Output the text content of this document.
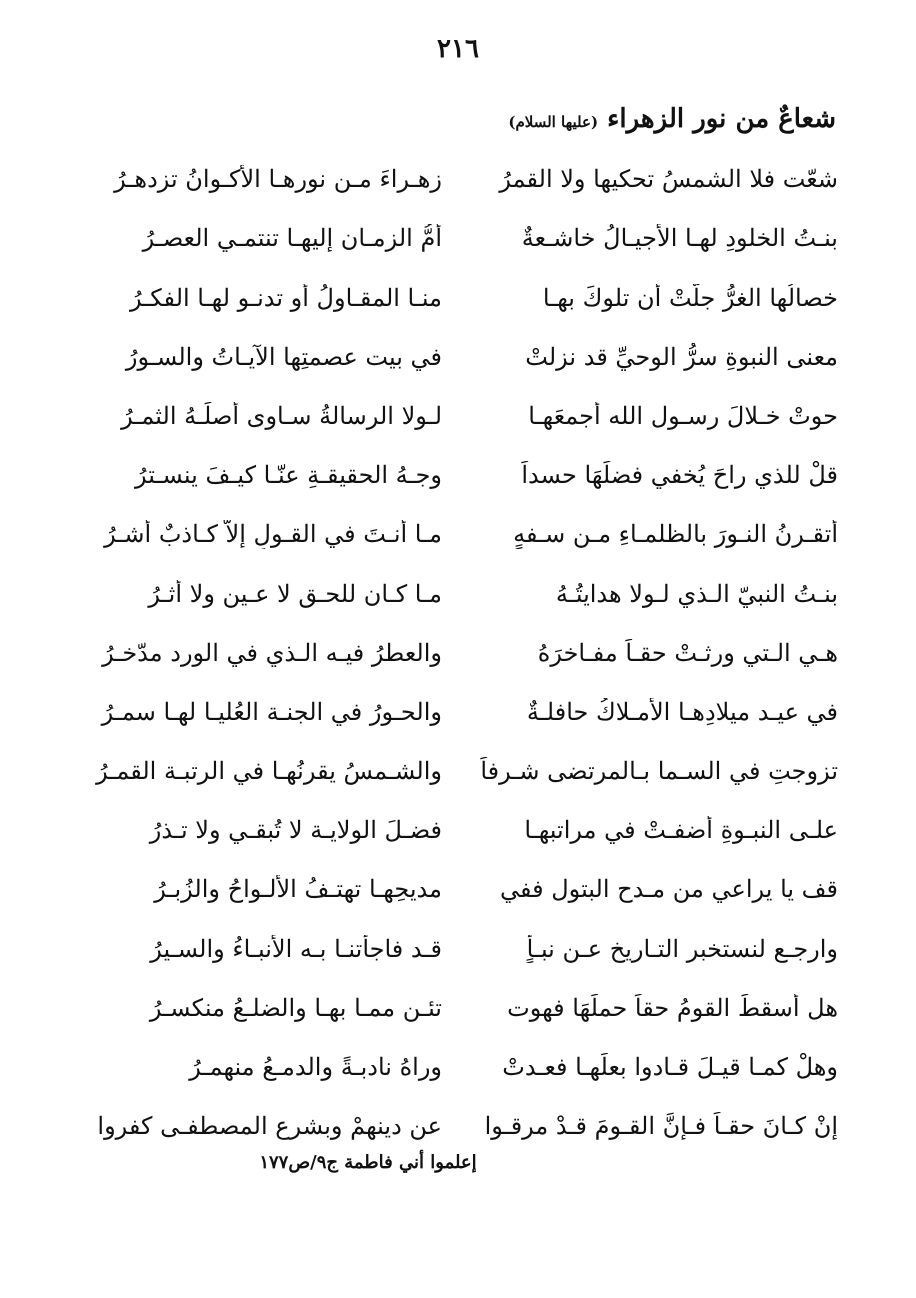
٢١٦
شعاعٌ من نور الزهراء (عليها السلام)
شعّت فلا الشمسُ تحكيها ولا القمرُ
زهـراءَ مـن نورهـا الأكـوانُ تزدهـرُ
بنـتُ الخلودِ لهـا الأجيـالُ خاشـعةٌ
أمُّ الزمـان إليهـا تنتمـي العصـرُ
خصالُها الغرُّ جلّتْ أن تلوكَ بهـا
منـا المقـاولُ أو تدنـو لهـا الفكـرُ
معنى النبوةِ سرُّ الوحيِّ قد نزلتْ
في بيت عصمتِها الآيـاتُ والسـورُ
حوتْ خـلالَ رسـول الله أجمعَهـا
لـولا الرسالةُ سـاوى أصلَـهُ الثمـرُ
قلْ للذي راحَ يُخفي فضلَهَا حسداً
وجـهُ الحقيقـةِ عنّـا كيـفَ ينسـترُ
أتقـرنُ النـورَ بالظلمـاءِ مـن سـفهٍ
مـا أنـتَ في القـولِ إلاّ كـاذبٌ أشـرُ
بنـتُ النبيّ الـذي لـولا هدايتُـهُ
مـا كـان للحـق لا عـين ولا أثـرُ
هـي الـتي ورثـتْ حقـاً مفـاخرَهُ
والعطرُ فيـه الـذي في الورد مدّخـرُ
في عيـد ميلادِهـا الأمـلاكُ حافلـةٌ
والحـورُ في الجنـة العُليـا لهـا سمـرُ
تزوجتِ في السـما بـالمرتضى شـرفاً
والشـمسُ يقرنُهـا في الرتبـة القمـرُ
علـى النبـوةِ أضفـتْ في مراتبهـا
فضـلَ الولايـة لا تُبقـي ولا تـذرُ
قف يا يراعي من مـدح البتول ففي
مديحِهـا تهتـفُ الألـواحُ والزُبـرُ
وارجـع لنستخبر التـاريخ عـن نبـأٍ
قـد فاجأتنـا بـه الأنبـاءُ والسـيرُ
هل أسقطَ القومُ حقاً حملَهَا فهوت
تئـن ممـا بهـا والضلـعُ منكسـرُ
وهلْ كمـا قيـلَ قـادوا بعلَهـا فعـدتْ
وراهُ نادبـةً والدمـعُ منهمـرُ
إنْ كـانَ حقـاً فـإنَّ القـومَ قـدْ مرقـوا
عن دينهمْ وبشرعِ المصطفـى كفروا
إعلموا أني فاطمة ج٩/ص١٧٧
